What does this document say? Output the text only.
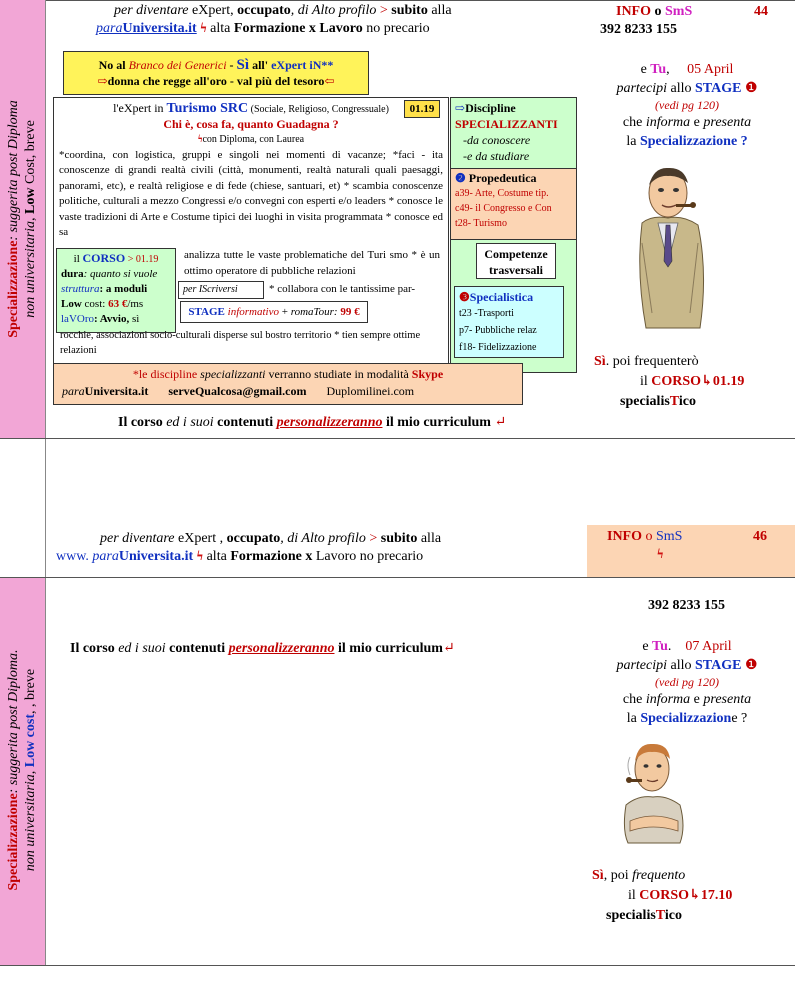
Specializzazione: suggerita post Diploma
non universitaria, Low Cost, breve
Specializzazione: suggerita post Diploma.
non universitaria, Low cost, , breve
per diventare eXpert, occupato, di Alto profilo > subito alla
paraUniversita.it ϟ alta Formazione x Lavoro no precario
INFO o SmS	44
392 8233 155
No al Branco dei Generici - Sì all' eXpert iN**
⇨donna che regge all'oro - val più del tesoro⇦
l'eXpert in Turismo SRC (Sociale, Religioso, Congressuale)
Chi è, cosa fa, quanto Guadagna ?
ϟcon Diploma, con Laurea
*coordina, con logistica, gruppi e singoli nei momenti di vacanze; *faci - ita conoscenze di grandi realtà civili (città, monumenti, realtà naturali quali paesaggi, panorami, etc), e realtà religiose e di fede (chiese, santuari, et) * scambia conoscenze politiche, culturali a mezzo Congressi e/o convegni con esperti e/o leaders * conosce le vaste tradizioni di Arte e Costume tipici dei luoghi in visita programmata * conosce ed sa
01.19
il CORSO > 01.19
dura: quanto si vuole
struttura: a moduli
Low cost: 63 €/ms
laVOro: Avvio, sì
analizza tutte le vaste problematiche del Turi smo * è un ottimo operatore di pubbliche relazioni
per IScriversi	* collabora con le tantissime par-
STAGE informativo + romaTour: 99 €
rocchie, associazioni socio-culturali disperse sul bostro territorio * tien sempre ottime relazioni
⇨Discipline
SPECIALIZZANTI
-da conoscere
-e da studiare
❷ Propedeutica
a39- Arte, Costume tip.
c49- il Congresso e Con
t28- Turismo
Competenze trasversali
❸Specialistica
t23 -Trasporti
p7- Pubbliche relaz
f18- Fidelizzazione
*le discipline specializzanti verranno studiate in modalità Skype
paraUniversita.it serveQualcosa@gmail.com Duplomilinei.com
Il corso ed i suoi contenuti personalizzeranno il mio curriculum ↵
e Tu, 05 April
partecipi allo STAGE ❶
(vedi pg 120)
che informa e presenta
la Specializzazione ?
Sì. poi frequenterò
il CORSO↳01.19
specialisTico
per diventare eXpert , occupato, di Alto profilo > subito alla
www. paraUniversita.it ϟ alta Formazione x Lavoro no precario
INFO o SmS	46
ϟ
392 8233 155
Il corso ed i suoi contenuti personalizzeranno il mio curriculum↵	e Tu. 07 April
partecipi allo STAGE ❶
(vedi pg 120)
che informa e presenta
la Specializzazione ?
Sì, poi frequento
il CORSO↳17.10
specialisTico
